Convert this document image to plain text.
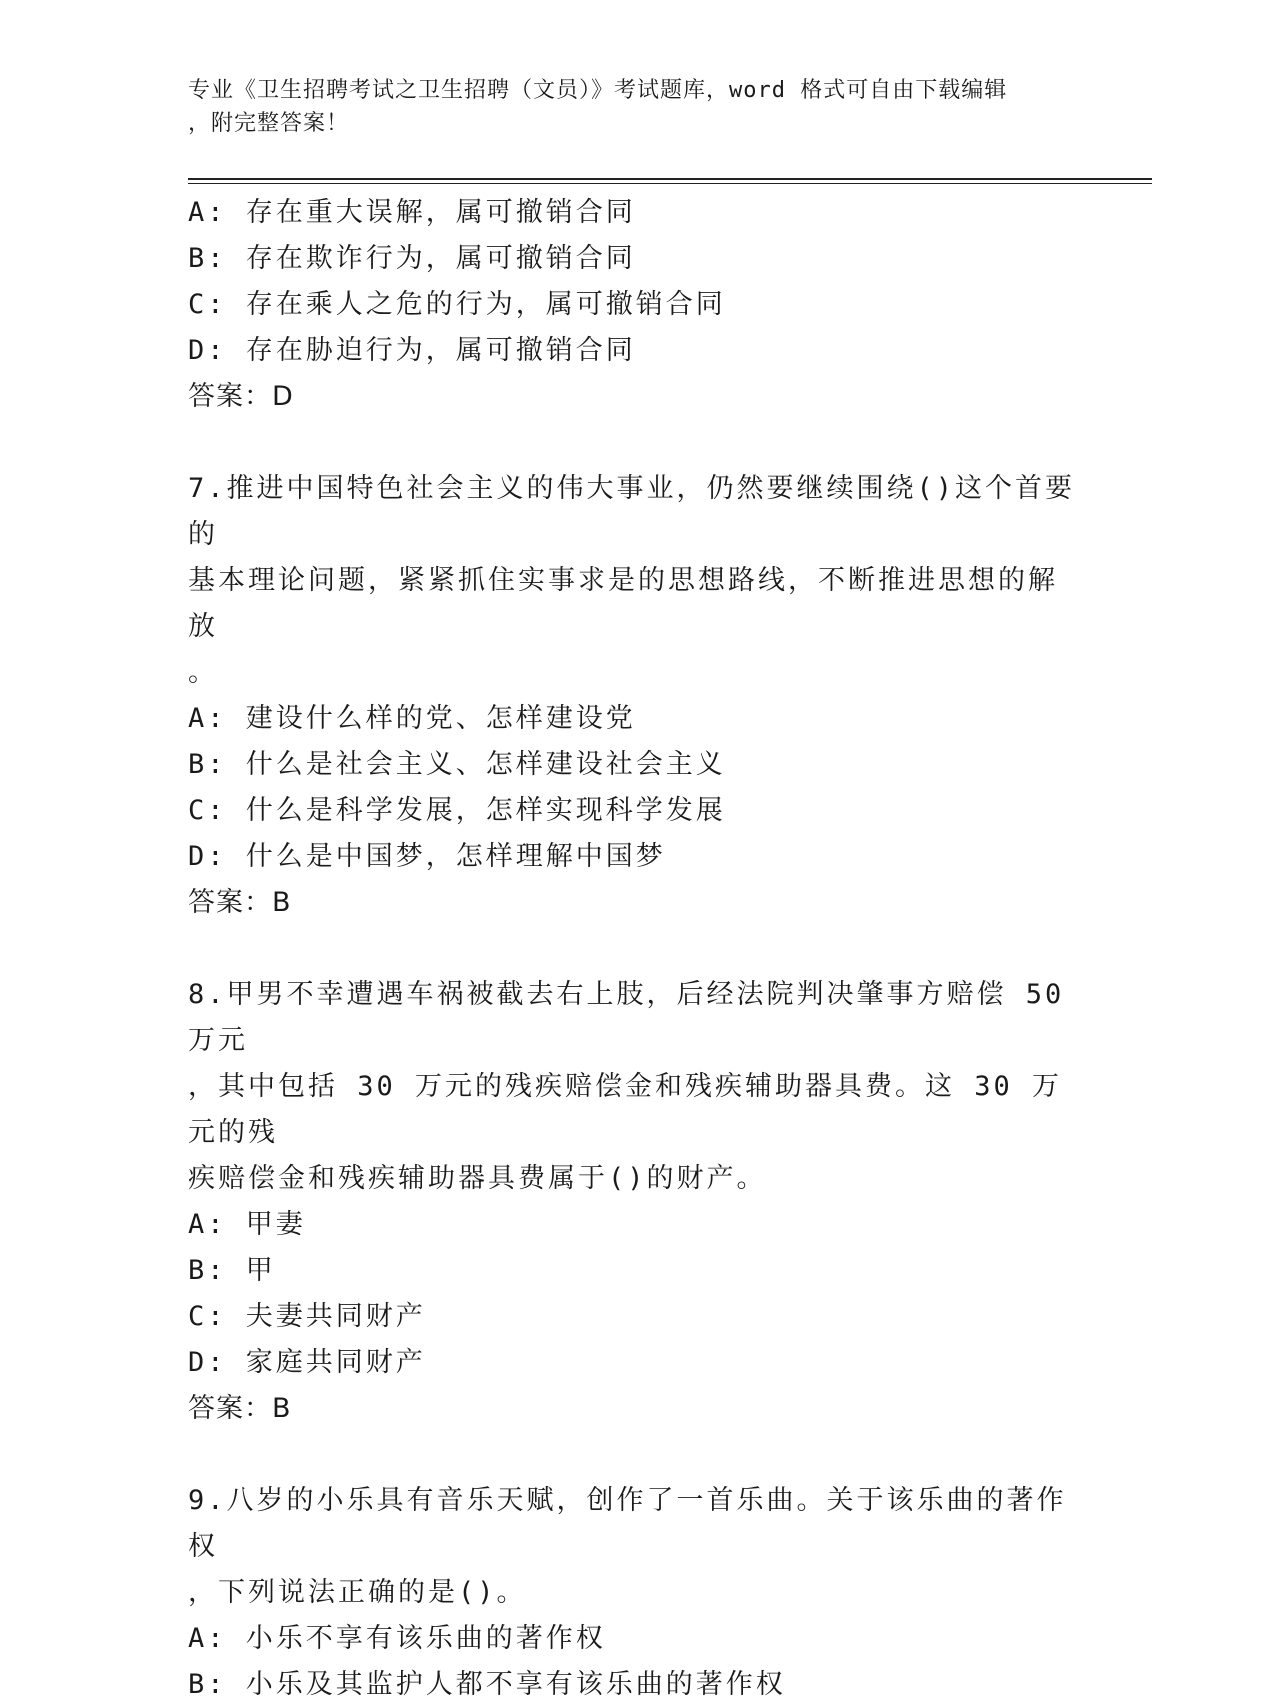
专业《卫生招聘考试之卫生招聘（文员）》考试题库，word 格式可自由下载编辑
，附完整答案！
A: 存在重大误解，属可撤销合同
B: 存在欺诈行为，属可撤销合同
C: 存在乘人之危的行为，属可撤销合同
D: 存在胁迫行为，属可撤销合同
答案：D
7.推进中国特色社会主义的伟大事业，仍然要继续围绕()这个首要的
基本理论问题，紧紧抓住实事求是的思想路线，不断推进思想的解放
。
A: 建设什么样的党、怎样建设党
B: 什么是社会主义、怎样建设社会主义
C: 什么是科学发展，怎样实现科学发展
D: 什么是中国梦，怎样理解中国梦
答案：B
8.甲男不幸遭遇车祸被截去右上肢，后经法院判决肇事方赔偿 50 万元
，其中包括 30 万元的残疾赔偿金和残疾辅助器具费。这 30 万元的残
疾赔偿金和残疾辅助器具费属于()的财产。
A: 甲妻
B: 甲
C: 夫妻共同财产
D: 家庭共同财产
答案：B
9.八岁的小乐具有音乐天赋，创作了一首乐曲。关于该乐曲的著作权
，下列说法正确的是()。
A: 小乐不享有该乐曲的著作权
B: 小乐及其监护人都不享有该乐曲的著作权
